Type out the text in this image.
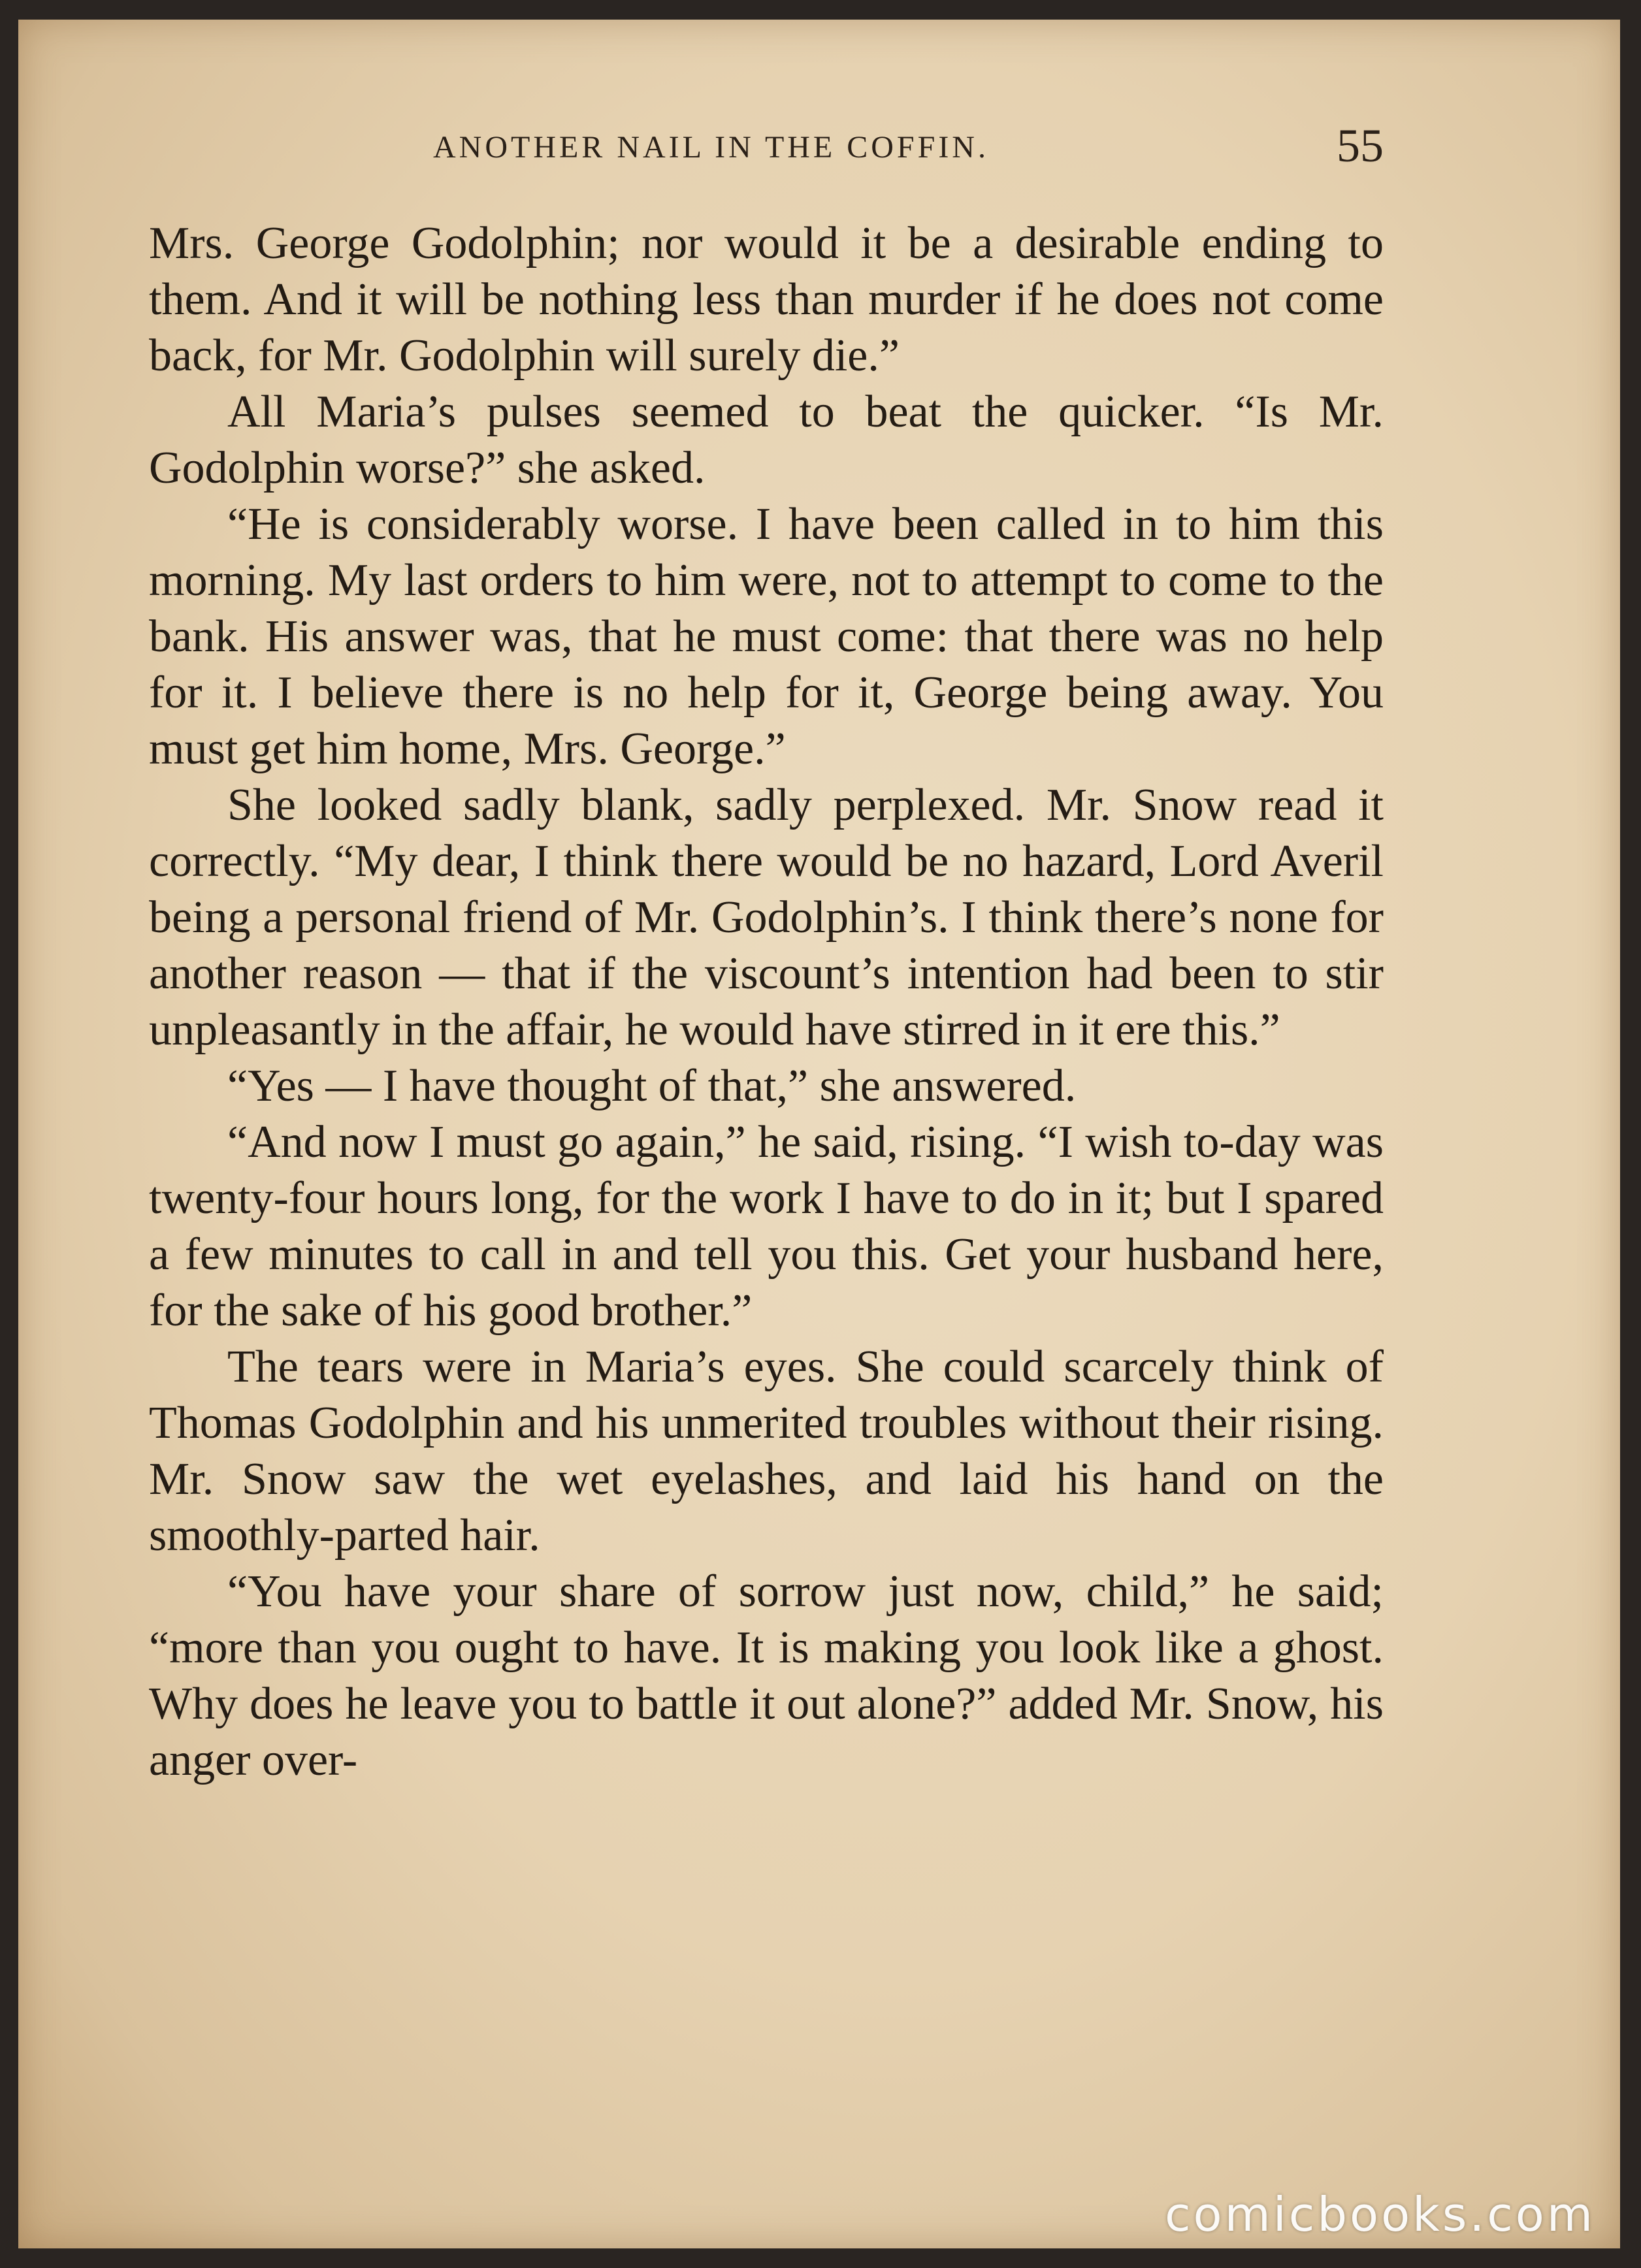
ANOTHER NAIL IN THE COFFIN.	55

Mrs. George Godolphin; nor would it be a desirable ending to them. And it will be nothing less than murder if he does not come back, for Mr. Godolphin will surely die.”

All Maria’s pulses seemed to beat the quicker. “Is Mr. Godolphin worse?” she asked.

“He is considerably worse. I have been called in to him this morning. My last orders to him were, not to attempt to come to the bank. His answer was, that he must come: that there was no help for it. I believe there is no help for it, George being away. You must get him home, Mrs. George.”

She looked sadly blank, sadly perplexed. Mr. Snow read it correctly. “My dear, I think there would be no hazard, Lord Averil being a personal friend of Mr. Godolphin’s. I think there’s none for another reason — that if the viscount’s intention had been to stir unpleasantly in the affair, he would have stirred in it ere this.”

“Yes — I have thought of that,” she answered.

“And now I must go again,” he said, rising. “I wish to-day was twenty-four hours long, for the work I have to do in it; but I spared a few minutes to call in and tell you this. Get your husband here, for the sake of his good brother.”

The tears were in Maria’s eyes. She could scarcely think of Thomas Godolphin and his unmerited troubles without their rising. Mr. Snow saw the wet eyelashes, and laid his hand on the smoothly-parted hair.

“You have your share of sorrow just now, child,” he said; “more than you ought to have. It is making you look like a ghost. Why does he leave you to battle it out alone?” added Mr. Snow, his anger over-

comicbooks.com
